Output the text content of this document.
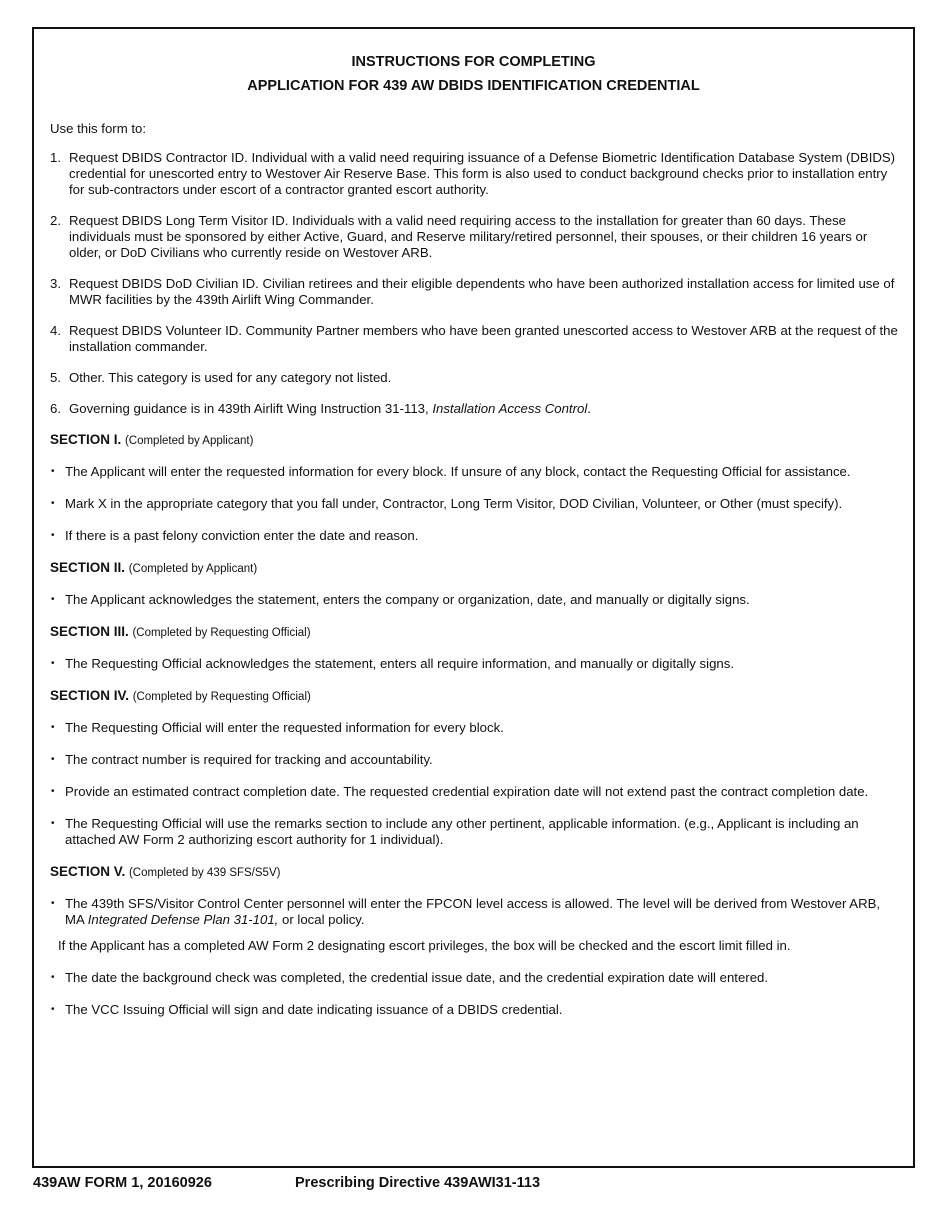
INSTRUCTIONS FOR COMPLETING
APPLICATION FOR 439 AW DBIDS IDENTIFICATION CREDENTIAL
Use this form to:
1. Request DBIDS Contractor ID. Individual with a valid need requiring issuance of a Defense Biometric Identification Database System (DBIDS) credential for unescorted entry to Westover Air Reserve Base. This form is also used to conduct background checks prior to installation entry for sub-contractors under escort of a contractor granted escort authority.
2. Request DBIDS Long Term Visitor ID. Individuals with a valid need requiring access to the installation for greater than 60 days. These individuals must be sponsored by either Active, Guard, and Reserve military/retired personnel, their spouses, or their children 16 years or older, or DoD Civilians who currently reside on Westover ARB.
3. Request DBIDS DoD Civilian ID. Civilian retirees and their eligible dependents who have been authorized installation access for limited use of MWR facilities by the 439th Airlift Wing Commander.
4. Request DBIDS Volunteer ID. Community Partner members who have been granted unescorted access to Westover ARB at the request of the installation commander.
5. Other. This category is used for any category not listed.
6. Governing guidance is in 439th Airlift Wing Instruction 31-113, Installation Access Control.
SECTION I. (Completed by Applicant)
• The Applicant will enter the requested information for every block. If unsure of any block, contact the Requesting Official for assistance.
• Mark X in the appropriate category that you fall under, Contractor, Long Term Visitor, DOD Civilian, Volunteer, or Other (must specify).
• If there is a past felony conviction enter the date and reason.
SECTION II. (Completed by Applicant)
• The Applicant acknowledges the statement, enters the company or organization, date, and manually or digitally signs.
SECTION III. (Completed by Requesting Official)
• The Requesting Official acknowledges the statement, enters all require information, and manually or digitally signs.
SECTION IV. (Completed by Requesting Official)
• The Requesting Official will enter the requested information for every block.
• The contract number is required for tracking and accountability.
• Provide an estimated contract completion date. The requested credential expiration date will not extend past the contract completion date.
• The Requesting Official will use the remarks section to include any other pertinent, applicable information. (e.g., Applicant is including an attached AW Form 2 authorizing escort authority for 1 individual).
SECTION V. (Completed by 439 SFS/S5V)
• The 439th SFS/Visitor Control Center personnel will enter the FPCON level access is allowed. The level will be derived from Westover ARB, MA Integrated Defense Plan 31-101, or local policy.
If the Applicant has a completed AW Form 2 designating escort privileges, the box will be checked and the escort limit filled in.
• The date the background check was completed, the credential issue date, and the credential expiration date will entered.
• The VCC Issuing Official will sign and date indicating issuance of a DBIDS credential.
439AW FORM 1, 20160926	Prescribing Directive 439AWI31-113
